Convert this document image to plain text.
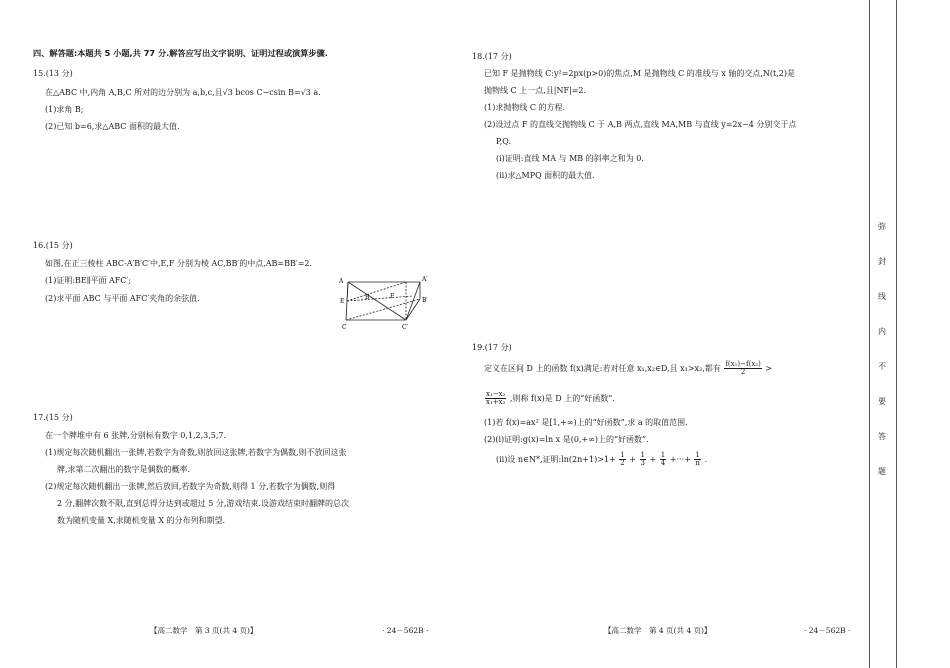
四、解答题:本题共 5 小题,共 77 分.解答应写出文字说明、证明过程或演算步骤.
15.(13 分)
在△ABC 中,内角 A,B,C 所对的边分别为 a,b,c,且√3 bcos C−csin B=√3 a.
(1)求角 B;
(2)已知 b=6,求△ABC 面积的最大值.
16.(15 分)
如图,在正三棱柱 ABC-A′B′C′中,E,F 分别为棱 AC,BB′的中点,AB=BB′=2.
(1)证明:BE∥平面 AFC′;
(2)求平面 ABC 与平面 AFC′夹角的余弦值.
A	A′
B	B′
C	C′
E
F
17.(15 分)
在一个牌堆中有 6 张牌,分别标有数字 0,1,2,3,5,7.
(1)规定每次随机翻出一张牌,若数字为奇数,则放回这张牌,若数字为偶数,则不放回这张
牌,求第二次翻出的数字是偶数的概率.
(2)规定每次随机翻出一张牌,然后放回,若数字为奇数,则得 1 分,若数字为偶数,则得
2 分,翻牌次数不限,直到总得分达到或超过 5 分,游戏结束.设游戏结束时翻牌的总次
数为随机变量 X,求随机变量 X 的分布列和期望.
【高二数学　第 3 页(共 4 页)】	· 24－562B ·
18.(17 分)
已知 F 是抛物线 C:y²=2px(p>0)的焦点,M 是抛物线 C 的准线与 x 轴的交点,N(t,2)是
抛物线 C 上一点,且|NF|=2.
(1)求抛物线 C 的方程.
(2)设过点 F 的直线交抛物线 C 于 A,B 两点,直线 MA,MB 与直线 y=2x−4 分别交于点
P,Q.
(i)证明:直线 MA 与 MB 的斜率之和为 0.
(ii)求△MPQ 面积的最大值.
19.(17 分)
定义在区间 D 上的函数 f(x)满足:若对任意 x₁,x₂∈D,且 x₁>x₂,都有 $\frac{\text{f(x₁)−f(x₂)}}{2}$ >
$\frac{\text{x₁−x₂}}{\text{x₁+x₂}}$ ,则称 f(x)是 D 上的“好函数”.
(1)若 f(x)=ax² 是[1,+∞)上的“好函数”,求 a 的取值范围.
(2)(i)证明:g(x)=ln x 是(0,+∞)上的“好函数”.
(ii)设 n∈N*,证明:ln(2n+1)>1+ $\frac{1}{2} + \frac{1}{3} + \frac{1}{4}$ +···+ $\frac{1}{n}$ .
【高二数学　第 4 页(共 4 页)】	· 24－562B ·
弥
封
线
内
不
要
答
题
